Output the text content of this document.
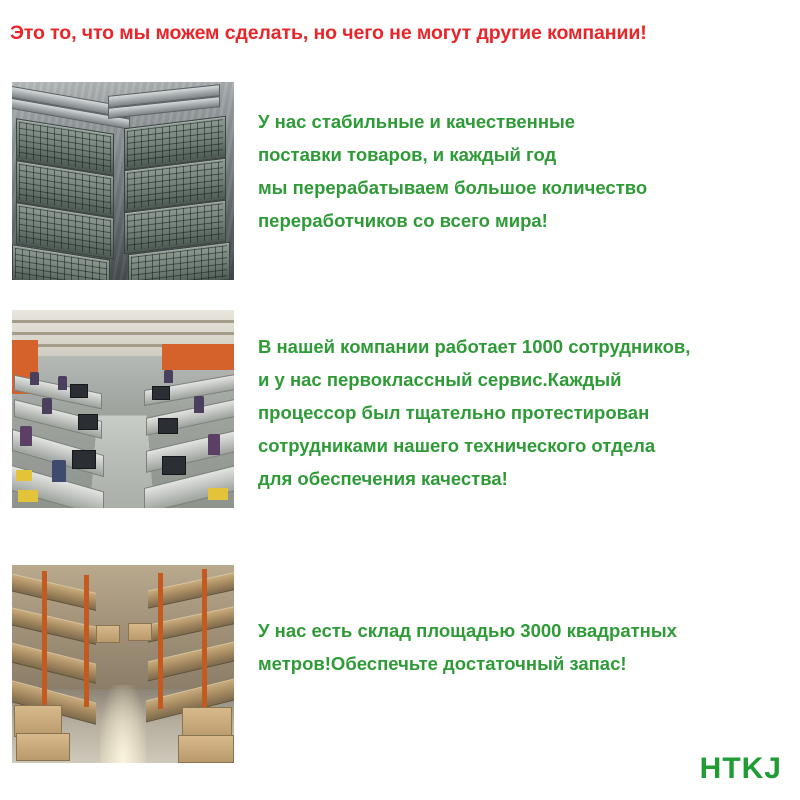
Это то, что мы можем сделать, но чего не могут другие компании!
У нас стабильные и качественные
поставки товаров, и каждый год
мы перерабатываем большое количество
переработчиков со всего мира!
В нашей компании работает 1000 сотрудников,
и у нас первоклассный сервис.Каждый
процессор был тщательно протестирован
сотрудниками нашего технического отдела
для обеспечения качества!
У нас есть склад площадью 3000 квадратных
метров!Обеспечьте достаточный запас!
HTKJ
